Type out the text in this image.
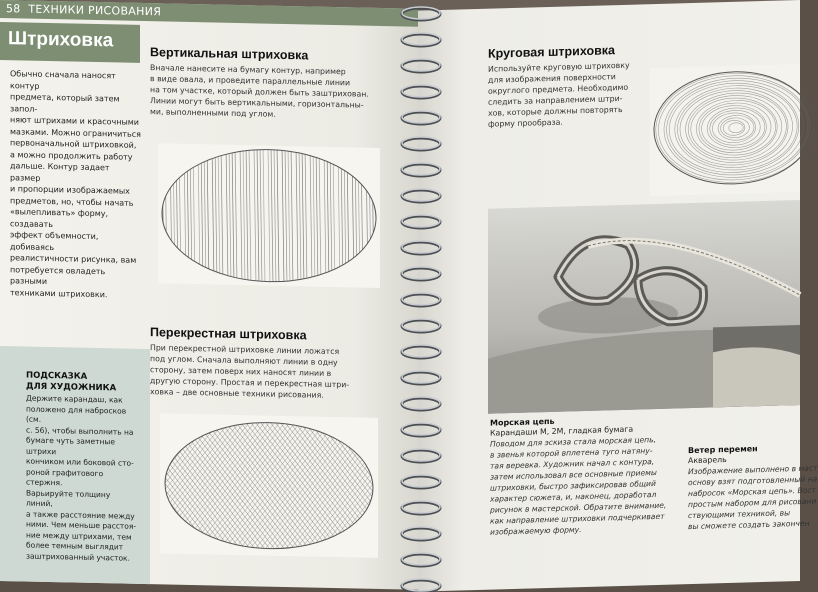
58 ТЕХНИКИ РИСОВАНИЯ
Штриховка

Обычно сначала наносят контур

предмета, который затем запол-

няют штрихами и красочными

мазками. Можно ограничиться

первоначальной штриховкой,

а можно продолжить работу

дальше. Контур задает размер

и пропорции изображаемых

предметов, но, чтобы начать

«вылепливать» форму, создавать

эффект объемности, добиваясь

реалистичности рисунка, вам

потребуется овладеть разными

техниками штриховки.

Вертикальная штриховка
Вначале нанесите на бумагу контур, например
в виде овала, и проведите параллельные линии
на том участке, который должен быть заштрихован.
Линии могут быть вертикальными, горизонтальны-
ми, выполненными под углом.
Перекрестная штриховка
При перекрестной штриховке линии ложатся
под углом. Сначала выполняют линии в одну
сторону, затем поверх них наносят линии в
другую сторону. Простая и перекрестная штри-
ховка – две основные техники рисования.
ПОДСКАЗКА
ДЛЯ ХУДОЖНИКА
Держите карандаш, как
положено для набросков (см.
с. 56), чтобы выполнить на
бумаге чуть заметные штрихи
кончиком или боковой сто-
роной графитового стержня.
Варьируйте толщину линий,
а также расстояние между
ними. Чем меньше расстоя-
ние между штрихами, тем
более темным выглядит
заштрихованный участок.
Круговая штриховка
Используйте круговую штриховку
для изображения поверхности
округлого предмета. Необходимо
следить за направлением штри-
хов, которые должны повторять
форму прообраза.
Морская цепь
Карандаши М, 2М, гладкая бумага
Поводом для эскиза стала морская цепь,
в звенья которой вплетена туго натяну-
тая веревка. Художник начал с контура,
затем использовал все основные приемы
штриховки, быстро зафиксировав общий
характер сюжета, и, наконец, доработал
рисунок в мастерской. Обратите внимание,
как направление штриховки подчеркивает
изображаемую форму.
Ветер перемен
Акварель
Изображение выполнено в маст
основу взят подготовленный на
набросок «Морская цепь». Вост
простым набором для рисовани
ствующими техникой, вы
вы сможете создать закончен
